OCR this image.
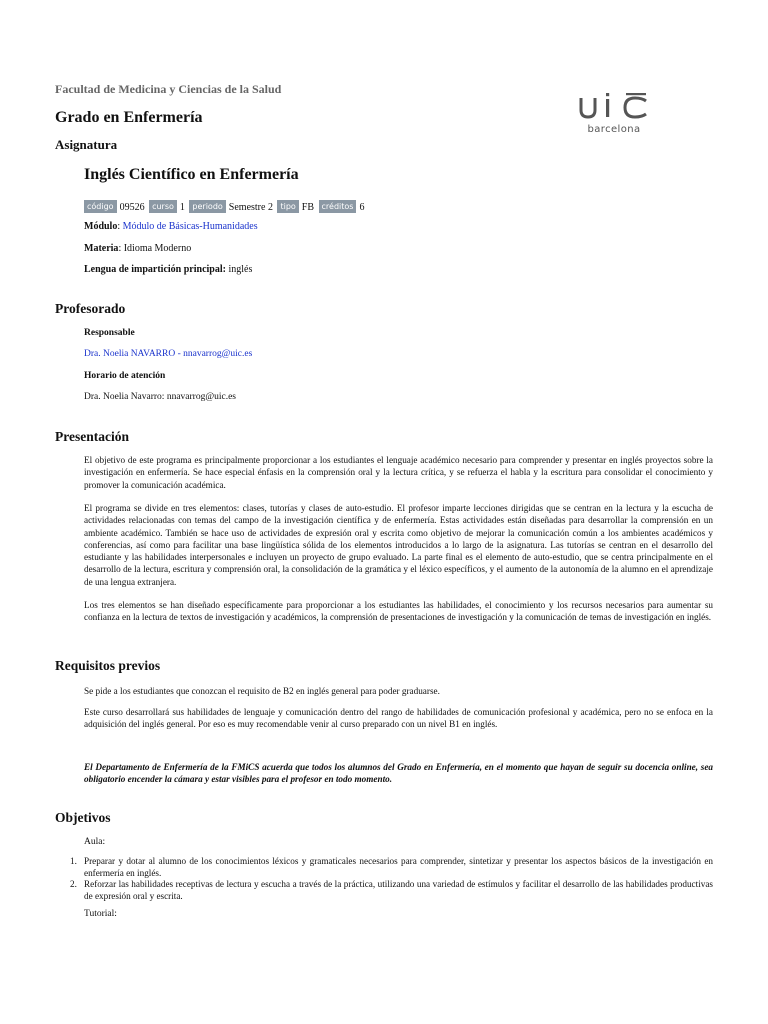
Facultad de Medicina y Ciencias de la Salud
Grado en Enfermería
Asignatura
barcelona
Inglés Científico en Enfermería
código 09526 curso 1 periodo Semestre 2 tipo FB créditos 6
Módulo: Módulo de Básicas-Humanidades
Materia: Idioma Moderno
Lengua de impartición principal: inglés
Profesorado
Responsable
Dra. Noelia NAVARRO - nnavarrog@uic.es
Horario de atención
Dra. Noelia Navarro: nnavarrog@uic.es
Presentación

El objetivo de este programa es principalmente proporcionar a los estudiantes el lenguaje académico necesario para comprender y presentar en inglés proyectos sobre la investigación en enfermería. Se hace especial énfasis en la comprensión oral y la lectura crítica, y se refuerza el habla y la escritura para consolidar el conocimiento y promover la comunicación académica.

El programa se divide en tres elementos: clases, tutorías y clases de auto-estudio. El profesor imparte lecciones dirigidas que se centran en la lectura y la escucha de actividades relacionadas con temas del campo de la investigación científica y de enfermería. Estas actividades están diseñadas para desarrollar la comprensión en un ambiente académico. También se hace uso de actividades de expresión oral y escrita como objetivo de mejorar la comunicación común a los ambientes académicos y conferencias, así como para facilitar una base lingüística sólida de los elementos introducidos a lo largo de la asignatura. Las tutorías se centran en el desarrollo del estudiante y las habilidades interpersonales e incluyen un proyecto de grupo evaluado. La parte final es el elemento de auto-estudio, que se centra principalmente en el desarrollo de la lectura, escritura y comprensión oral, la consolidación de la gramática y el léxico específicos, y el aumento de la autonomía de la alumno en el aprendizaje de una lengua extranjera.

Los tres elementos se han diseñado específicamente para proporcionar a los estudiantes las habilidades, el conocimiento y los recursos necesarios para aumentar su confianza en la lectura de textos de investigación y académicos, la comprensión de presentaciones de investigación y la comunicación de temas de investigación en inglés.

Requisitos previos

Se pide a los estudiantes que conozcan el requisito de B2 en inglés general para poder graduarse.

Este curso desarrollará sus habilidades de lenguaje y comunicación dentro del rango de habilidades de comunicación profesional y académica, pero no se enfoca en la adquisición del inglés general. Por eso es muy recomendable venir al curso preparado con un nivel B1 en inglés.

El Departamento de Enfermería de la FMiCS acuerda que todos los alumnos del Grado en Enfermería, en el momento que hayan de seguir su docencia online, sea obligatorio encender la cámara y estar visibles para el profesor en todo momento.

Objetivos
Aula:
1. Preparar y dotar al alumno de los conocimientos léxicos y gramaticales necesarios para comprender, sintetizar y presentar los aspectos básicos de la investigación en enfermería en inglés.
2. Reforzar las habilidades receptivas de lectura y escucha a través de la práctica, utilizando una variedad de estímulos y facilitar el desarrollo de las habilidades productivas de expresión oral y escrita.
Tutorial:
